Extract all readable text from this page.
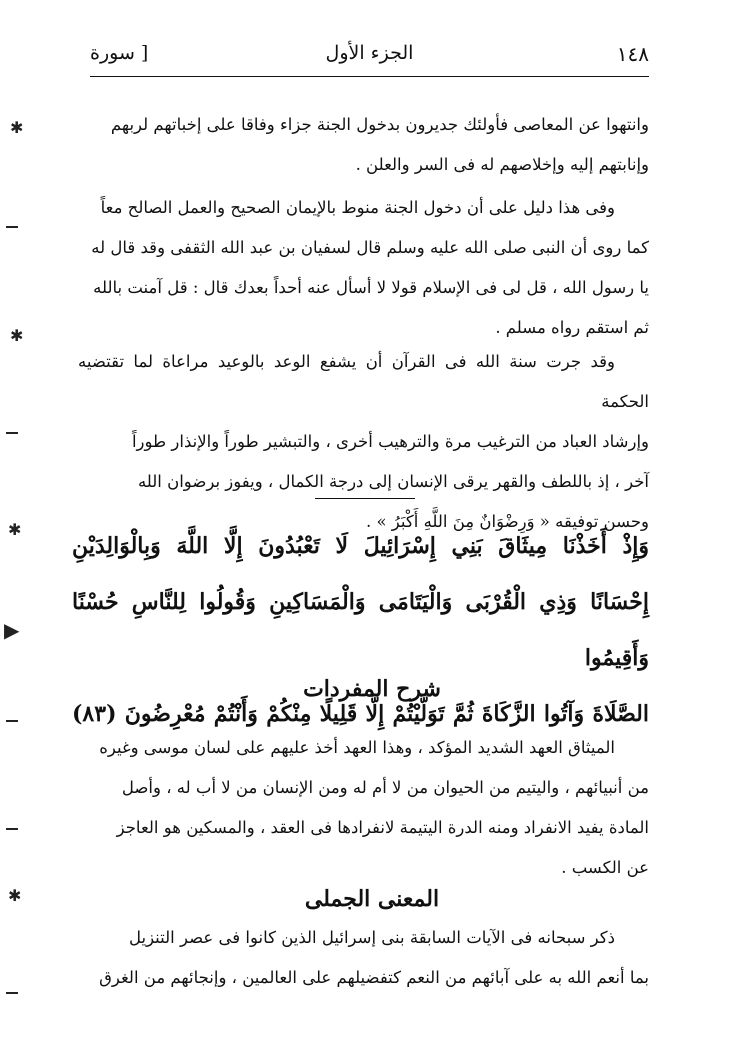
١٤٨
الجزء الأول
[ سورة

وانتهوا عن المعاصى فأولئك جديرون بدخول الجنة جزاء وفاقا على إخباتهم لربهم

وإنابتهم إليه وإخلاصهم له فى السر والعلن .

وفى هذا دليل على أن دخول الجنة منوط بالإيمان الصحيح والعمل الصالح معاً

كما روى أن النبى صلى الله عليه وسلم قال لسفيان بن عبد الله الثقفى وقد قال له

يا رسول الله ، قل لى فى الإسلام قولا لا أسأل عنه أحداً بعدك قال : قل آمنت بالله

ثم استقم رواه مسلم .

وقد جرت سنة الله فى القرآن أن يشفع الوعد بالوعيد مراعاة لما تقتضيه الحكمة

وإرشاد العباد من الترغيب مرة والترهيب أخرى ، والتبشير طوراً والإنذار طوراً

آخر ، إذ باللطف والقهر يرقى الإنسان إلى درجة الكمال ، ويفوز برضوان الله

وحسن توفيقه « وَرِضْوَانٌ مِنَ اللَّهِ أَكْبَرُ » .

وَإِذْ أَخَذْنَا مِيثَاقَ بَنِي إِسْرَائِيلَ لَا تَعْبُدُونَ إِلَّا اللَّهَ وَبِالْوَالِدَيْنِ

إِحْسَانًا وَذِي الْقُرْبَى وَالْيَتَامَى وَالْمَسَاكِينِ وَقُولُوا لِلنَّاسِ حُسْنًا وَأَقِيمُوا

الصَّلَاةَ وَآتُوا الزَّكَاةَ ثُمَّ تَوَلَّيْتُمْ إِلَّا قَلِيلًا مِنْكُمْ وَأَنْتُمْ مُعْرِضُونَ (٨٣)

شرح المفردات

الميثاق العهد الشديد المؤكد ، وهذا العهد أخذ عليهم على لسان موسى وغيره

من أنبيائهم ، واليتيم من الحيوان من لا أم له ومن الإنسان من لا أب له ، وأصل

المادة يفيد الانفراد ومنه الدرة اليتيمة لانفرادها فى العقد ، والمسكين هو العاجز

عن الكسب .

المعنى الجملى

ذكر سبحانه فى الآيات السابقة بنى إسرائيل الذين كانوا فى عصر التنزيل

بما أنعم الله به على آبائهم من النعم كتفضيلهم على العالمين ، وإنجائهم من الغرق

✱
✱
✱
▶
✱
